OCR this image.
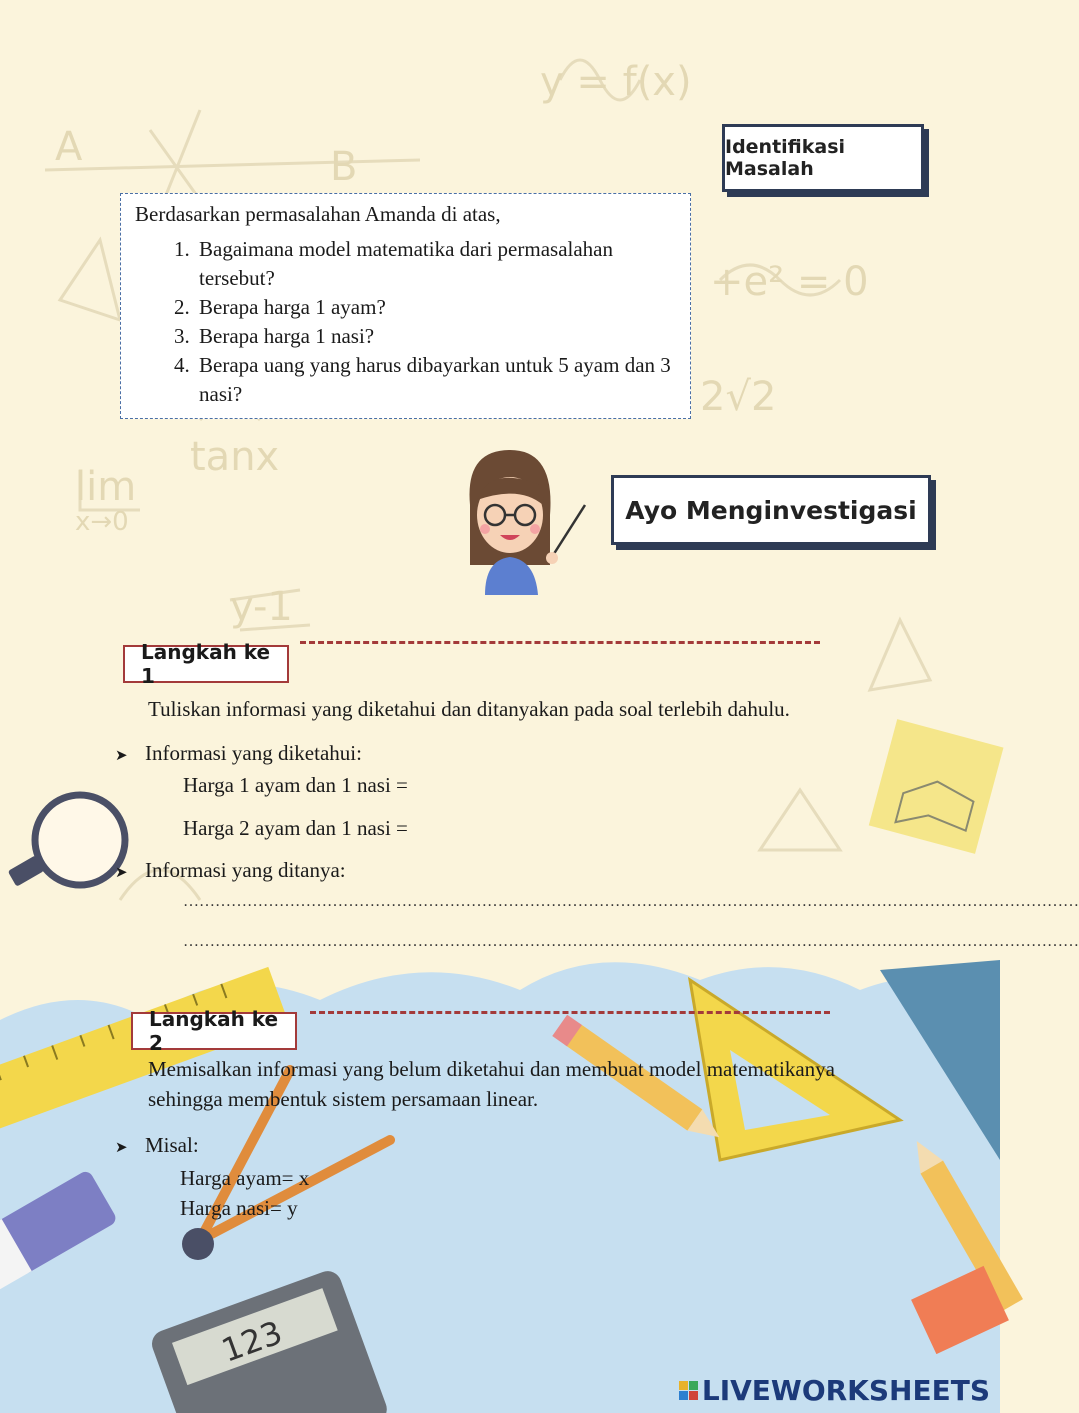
y = f(x)
+e² = 0
lim
tanx
x→0
2√2
y-1
A	B
123
Identifikasi Masalah
Berdasarkan permasalahan Amanda di atas,
1. Bagaimana model matematika dari permasalahan tersebut?
2. Berapa harga 1 ayam?
3. Berapa harga 1 nasi?
4. Berapa uang yang harus dibayarkan untuk 5 ayam dan 3 nasi?
Ayo Menginvestigasi
Langkah ke 1
Tuliskan informasi yang diketahui dan ditanyakan pada soal terlebih dahulu.
➤ Informasi yang diketahui:
Harga 1 ayam dan 1 nasi =
Harga 2 ayam dan 1 nasi =
➤ Informasi yang ditanya:
……………………………………………………………………………………………………………………………………………………
……………………………………………………………………………………………………………………………………………………
Langkah ke 2
Memisalkan informasi yang belum diketahui dan membuat model matematikanya
sehingga membentuk sistem persamaan linear.
➤ Misal:
Harga ayam= x
Harga nasi= y
LIVEWORKSHEETS
